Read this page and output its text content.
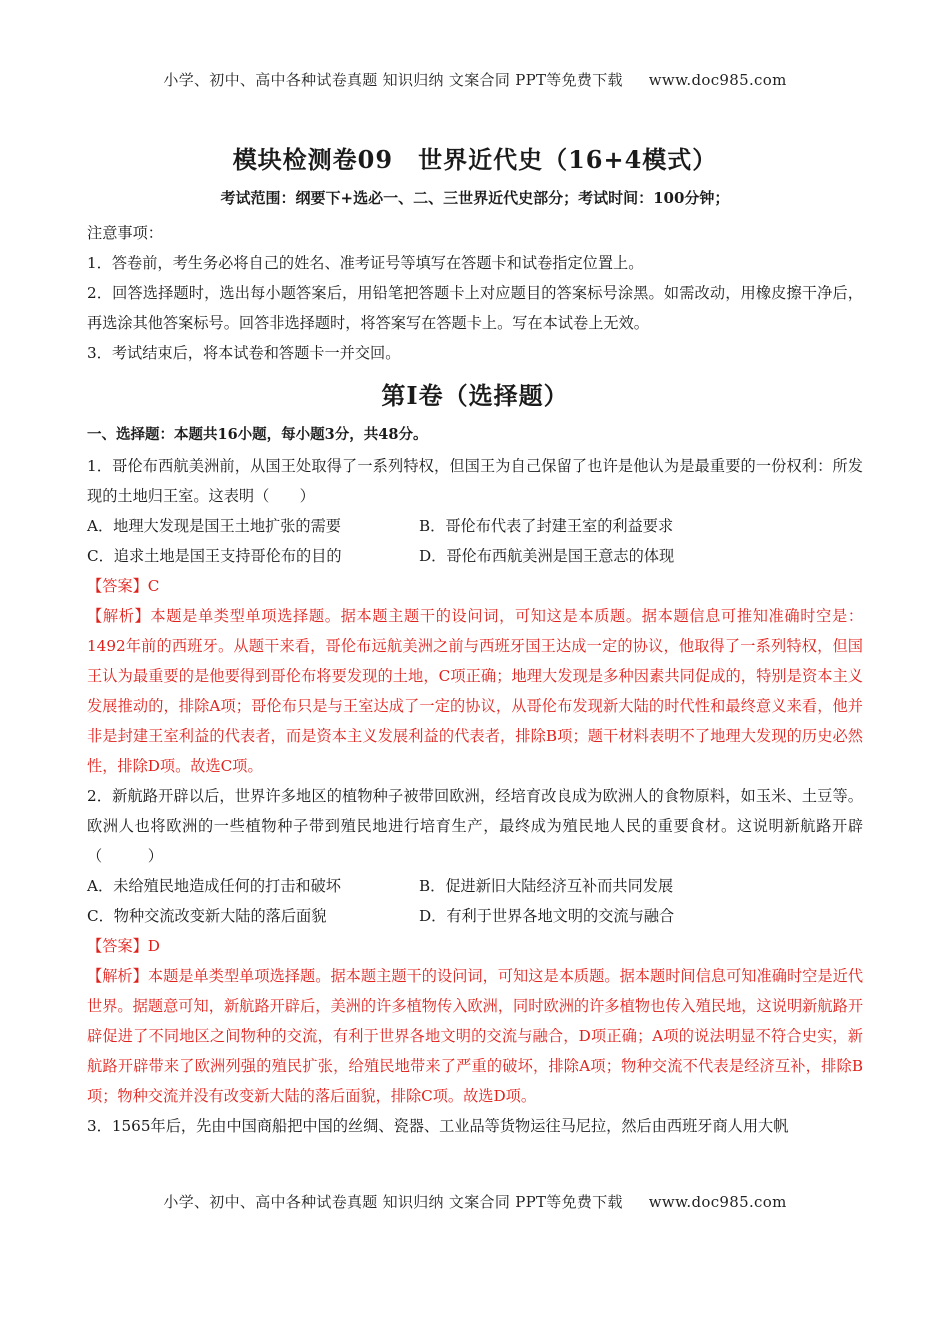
小学、初中、高中各种试卷真题 知识归纳 文案合同 PPT等免费下载 www.doc985.com
模块检测卷09　世界近代史（16+4模式）
考试范围：纲要下+选必一、二、三世界近代史部分；考试时间：100分钟；

注意事项：

1．答卷前，考生务必将自己的姓名、准考证号等填写在答题卡和试卷指定位置上。

2．回答选择题时，选出每小题答案后，用铅笔把答题卡上对应题目的答案标号涂黑。如需改动，用橡皮擦干净后，再选涂其他答案标号。回答非选择题时，将答案写在答题卡上。写在本试卷上无效。

3．考试结束后，将本试卷和答题卡一并交回。

第I卷（选择题）

一、选择题：本题共16小题，每小题3分，共48分。

1．哥伦布西航美洲前，从国王处取得了一系列特权，但国王为自己保留了也许是他认为是最重要的一份权利：所发现的土地归王室。这表明（　　）

A．地理大发现是国王土地扩张的需要	B．哥伦布代表了封建王室的利益要求
C．追求土地是国王支持哥伦布的目的	D．哥伦布西航美洲是国王意志的体现

【答案】C

【解析】本题是单类型单项选择题。据本题主题干的设问词，可知这是本质题。据本题信息可推知准确时空是：1492年前的西班牙。从题干来看，哥伦布远航美洲之前与西班牙国王达成一定的协议，他取得了一系列特权，但国王认为最重要的是他要得到哥伦布将要发现的土地，C项正确；地理大发现是多种因素共同促成的，特别是资本主义发展推动的，排除A项；哥伦布只是与王室达成了一定的协议，从哥伦布发现新大陆的时代性和最终意义来看，他并非是封建王室利益的代表者，而是资本主义发展利益的代表者，排除B项；题干材料表明不了地理大发现的历史必然性，排除D项。故选C项。

2．新航路开辟以后，世界许多地区的植物种子被带回欧洲，经培育改良成为欧洲人的食物原料，如玉米、土豆等。欧洲人也将欧洲的一些植物种子带到殖民地进行培育生产，最终成为殖民地人民的重要食材。这说明新航路开辟（　　　）

A．未给殖民地造成任何的打击和破坏	B．促进新旧大陆经济互补而共同发展
C．物种交流改变新大陆的落后面貌	D．有利于世界各地文明的交流与融合

【答案】D

【解析】本题是单类型单项选择题。据本题主题干的设问词，可知这是本质题。据本题时间信息可知准确时空是近代世界。据题意可知，新航路开辟后，美洲的许多植物传入欧洲，同时欧洲的许多植物也传入殖民地，这说明新航路开辟促进了不同地区之间物种的交流，有利于世界各地文明的交流与融合，D项正确；A项的说法明显不符合史实，新航路开辟带来了欧洲列强的殖民扩张，给殖民地带来了严重的破坏，排除A项；物种交流不代表是经济互补，排除B项；物种交流并没有改变新大陆的落后面貌，排除C项。故选D项。

3．1565年后，先由中国商船把中国的丝绸、瓷器、工业品等货物运往马尼拉，然后由西班牙商人用大帆

小学、初中、高中各种试卷真题 知识归纳 文案合同 PPT等免费下载 www.doc985.com
